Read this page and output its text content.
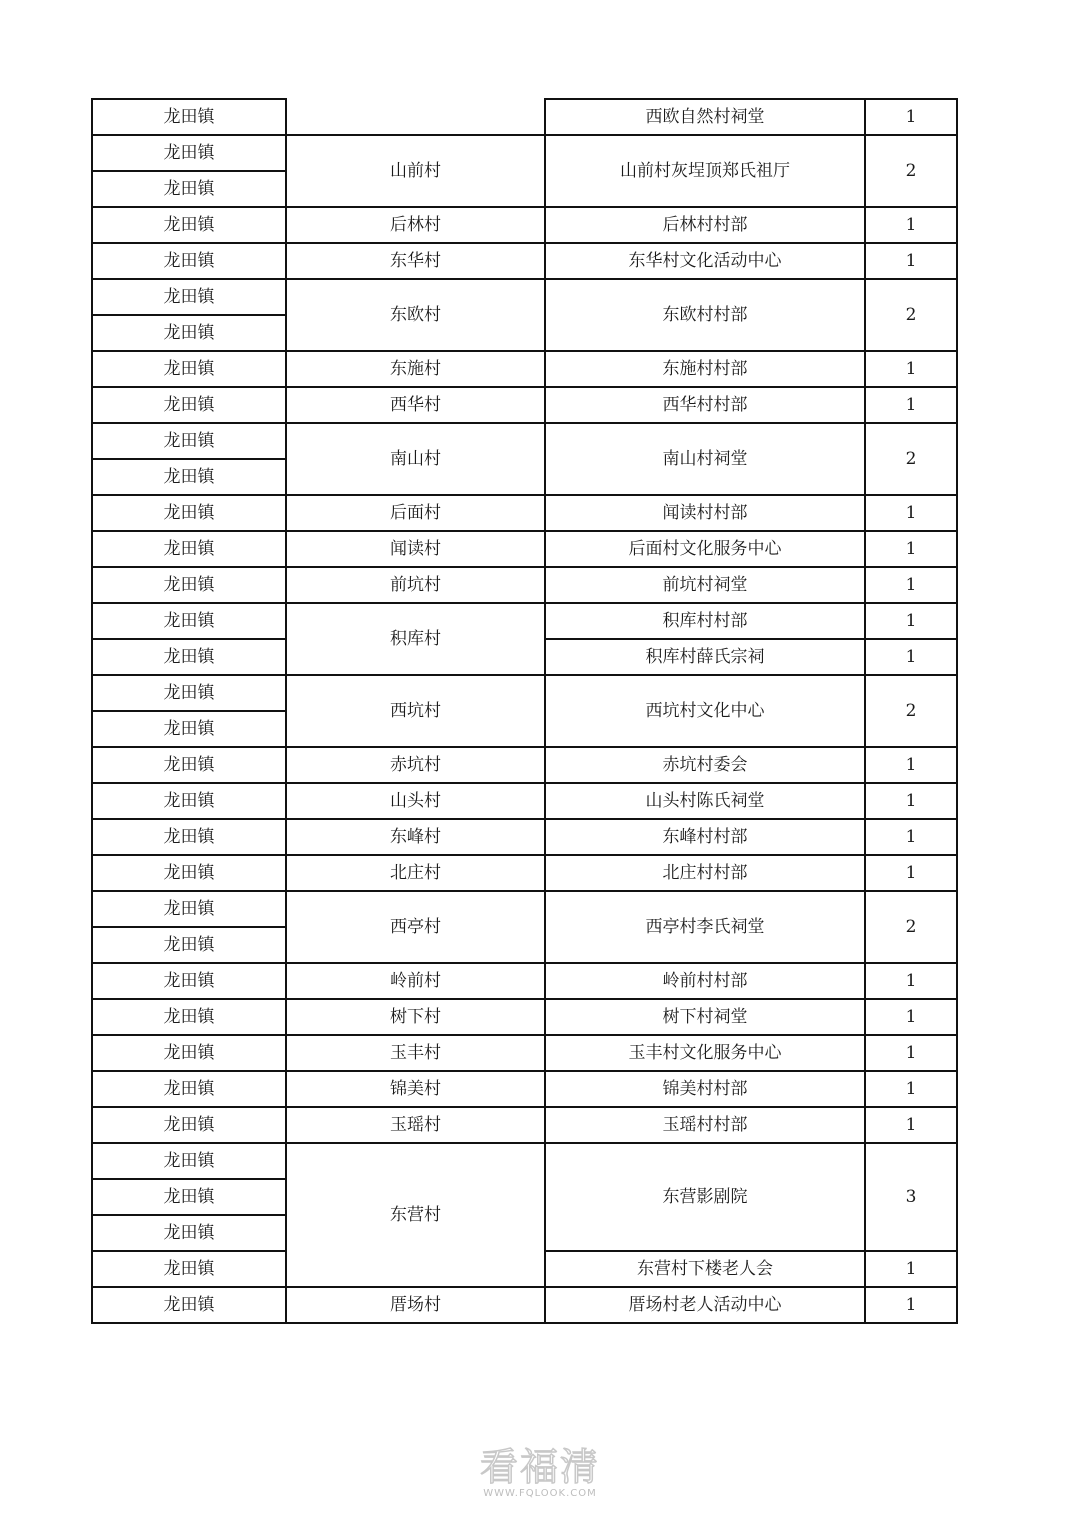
龙田镇		西欧自然村祠堂	1
龙田镇	山前村	山前村灰埕顶郑氏祖厅	2
龙田镇			
龙田镇	后林村	后林村村部	1
龙田镇	东华村	东华村文化活动中心	1
龙田镇	东欧村	东欧村村部	2
龙田镇			
龙田镇	东施村	东施村村部	1
龙田镇	西华村	西华村村部	1
龙田镇	南山村	南山村祠堂	2
龙田镇			
龙田镇	后面村	闻读村村部	1
龙田镇	闻读村	后面村文化服务中心	1
龙田镇	前坑村	前坑村祠堂	1
龙田镇	积库村	积库村村部	1
龙田镇		积库村薛氏宗祠	1
龙田镇	西坑村	西坑村文化中心	2
龙田镇			
龙田镇	赤坑村	赤坑村委会	1
龙田镇	山头村	山头村陈氏祠堂	1
龙田镇	东峰村	东峰村村部	1
龙田镇	北庄村	北庄村村部	1
龙田镇	西亭村	西亭村李氏祠堂	2
龙田镇			
龙田镇	岭前村	岭前村村部	1
龙田镇	树下村	树下村祠堂	1
龙田镇	玉丰村	玉丰村文化服务中心	1
龙田镇	锦美村	锦美村村部	1
龙田镇	玉瑶村	玉瑶村村部	1
龙田镇	东营村	东营影剧院	3
龙田镇			
龙田镇			
龙田镇		东营村下楼老人会	1
龙田镇	厝场村	厝场村老人活动中心	1
看福清
WWW.FQLOOK.COM
